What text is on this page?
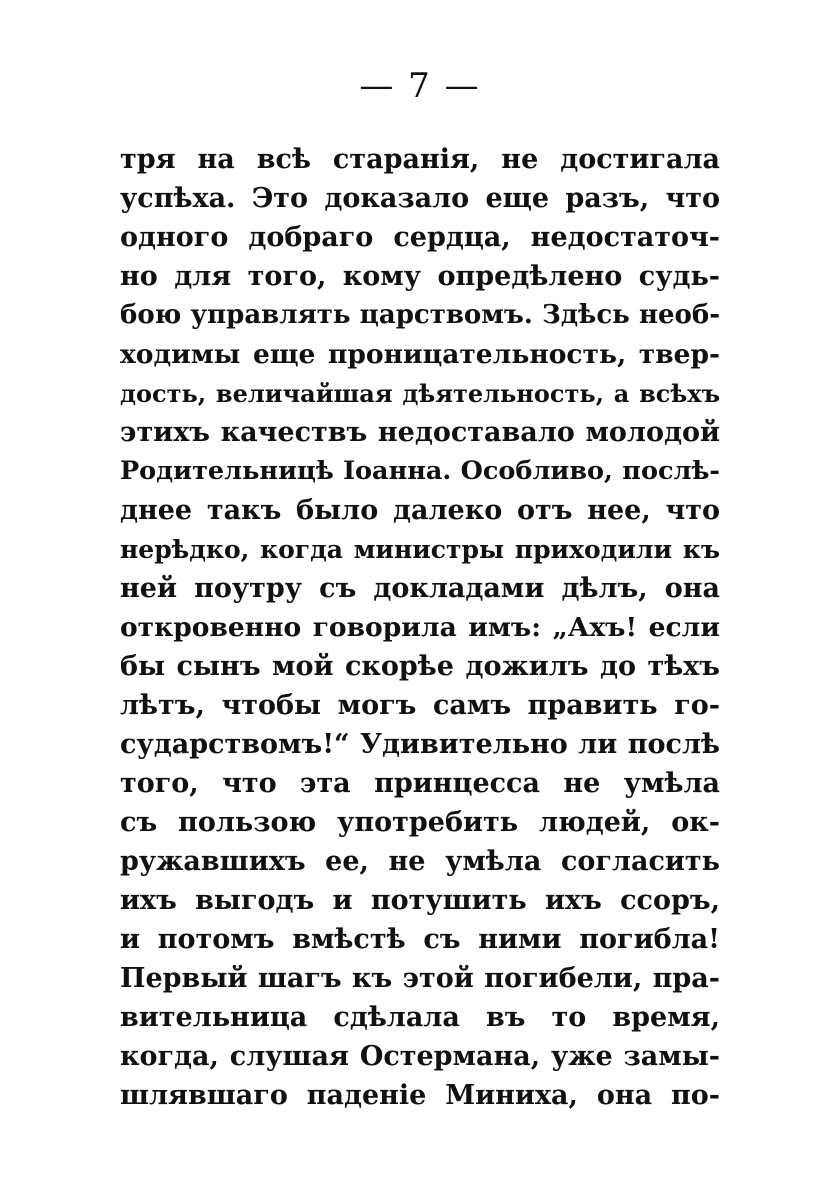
— 7 —
тря на всѣ старанія, не достигала
успѣха. Это доказало еще разъ, что
одного добраго сердца, недостаточ-
но для того, кому опредѣлено судь-
бою управлять царствомъ. Здѣсь необ-
ходимы еще проницательность, твер-
дость, величайшая дѣятельность, а всѣхъ
этихъ качествъ недоставало молодой
Родительницѣ Іоанна. Особливо, послѣ-
днее такъ было далеко отъ нее, что
нерѣдко, когда министры приходили къ
ней поутру съ докладами дѣлъ, она
откровенно говорила имъ: „Ахъ! если
бы сынъ мой скорѣе дожилъ до тѣхъ
лѣтъ, чтобы могъ самъ править го-
сударствомъ!“ Удивительно ли послѣ
того, что эта принцесса не умѣла
съ пользою употребить людей, ок-
ружавшихъ ее, не умѣла согласить
ихъ выгодъ и потушить ихъ ссоръ,
и потомъ вмѣстѣ съ ними погибла!
Первый шагъ къ этой погибели, пра-
вительница сдѣлала въ то время,
когда, слушая Остермана, уже замы-
шлявшаго паденіе Миниха, она по-
